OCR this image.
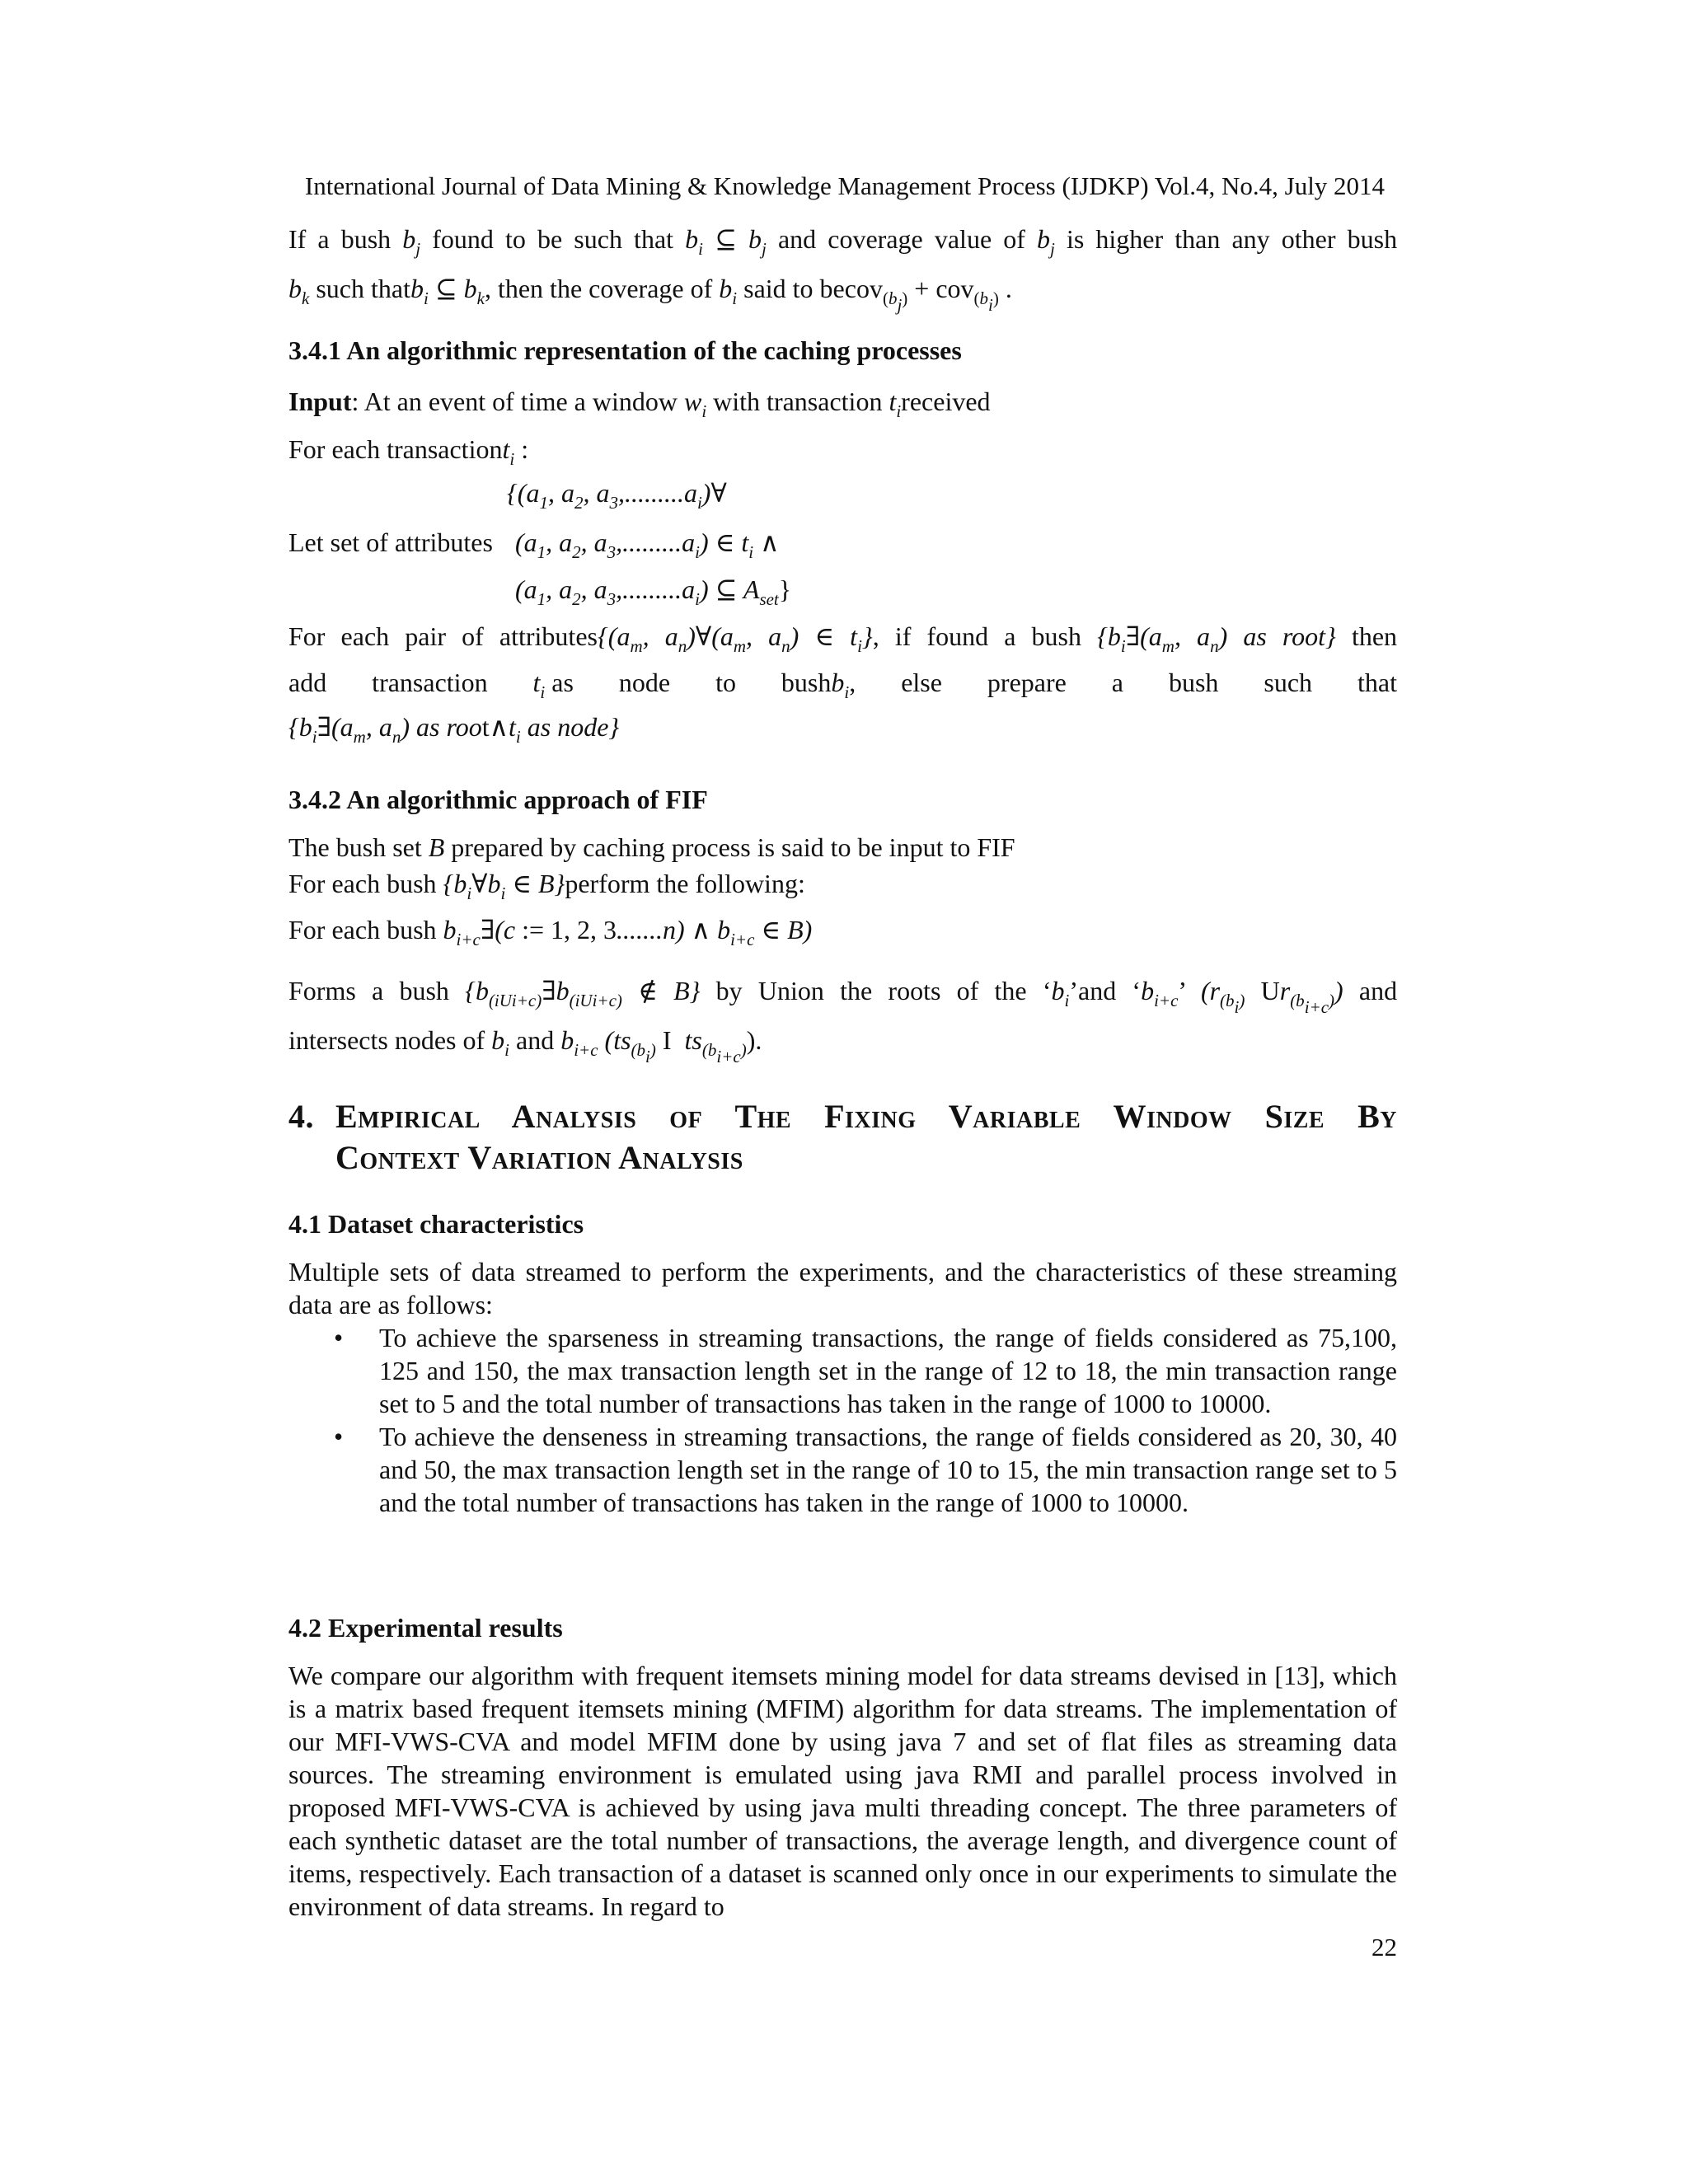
International Journal of Data Mining & Knowledge Management Process (IJDKP) Vol.4, No.4, July 2014
If a bush $b_j$ found to be such that $b_i$ ⊆ $b_j$ and coverage value of $b_j$ is higher than any other bush
$b_k$ such thatb$_i$ ⊆ $b_k$, then the coverage of $b_i$ said to becov$_{(b_j)}$ + cov$_{(b_i)}$ .
3.4.1 An algorithmic representation of the caching processes
Input: At an event of time a window $w_i$ with transaction $t_ireceived$
For each transactiont$_i$ :
{($a_1$, $a_2$, $a_3,.........a_i)\forall$
Let set of attributes ($a_1$, $a_2$, $a_3,.........a_i$) ∈ $t_i$ ∧
($a_1$, $a_2$, $a_3,.........a_i$) ⊆ $A_{set}$}
For each pair of $attributes\{(a_m$, $a_n)\forall(a_m$, $a_n$) ∈ $t_i$}, if found a bush {$b_i\exists(a_m$, $a_n$) as root} then
add transaction $t_i$ as node to bushb$_i$, else prepare a bush such that
{$b_i\exists(a_m$, $a_n$) as $root\wedge t_i$ as node}
3.4.2 An algorithmic approach of FIF
The bush set B prepared by caching process is said to be input to FIF
For each bush {$b_i\forall b_i$ ∈ B}perform the following:
For each bush $b_{i+c}\exists(c$ := 1, 2, 3.......n) ∧ $b_{i+c}$ ∈ B)
Forms a bush {$b_{(iUi+c)}\exists b_{(iUi+c)}$ ∉ B} by Union the roots of the ‘$b_i’and$ ‘$b_{i+c}$’ ($r_{(b_i)}$ $Ur_{(b_{i+c})}$) and
intersects nodes of $b_i$ and $b_{i+c}$ ($ts_{(b_i)}$ I  $ts_{(b_{i+c})}$).
4. Empirical Analysis of The Fixing Variable Window Size By
Context Variation Analysis
4.1 Dataset characteristics
Multiple sets of data streamed to perform the experiments, and the characteristics of these streaming data are as follows:
• To achieve the sparseness in streaming transactions, the range of fields considered as 75,100, 125 and 150, the max transaction length set in the range of 12 to 18, the min transaction range set to 5 and the total number of transactions has taken in the range of 1000 to 10000.
• To achieve the denseness in streaming transactions, the range of fields considered as 20, 30, 40 and 50, the max transaction length set in the range of 10 to 15, the min transaction range set to 5 and the total number of transactions has taken in the range of 1000 to 10000.
4.2 Experimental results
We compare our algorithm with frequent itemsets mining model for data streams devised in [13], which is a matrix based frequent itemsets mining (MFIM) algorithm for data streams. The implementation of our MFI-VWS-CVA and model MFIM done by using java 7 and set of flat files as streaming data sources. The streaming environment is emulated using java RMI and parallel process involved in proposed MFI-VWS-CVA is achieved by using java multi threading concept. The three parameters of each synthetic dataset are the total number of transactions, the average length, and divergence count of items, respectively. Each transaction of a dataset is scanned only once in our experiments to simulate the environment of data streams. In regard to
22
